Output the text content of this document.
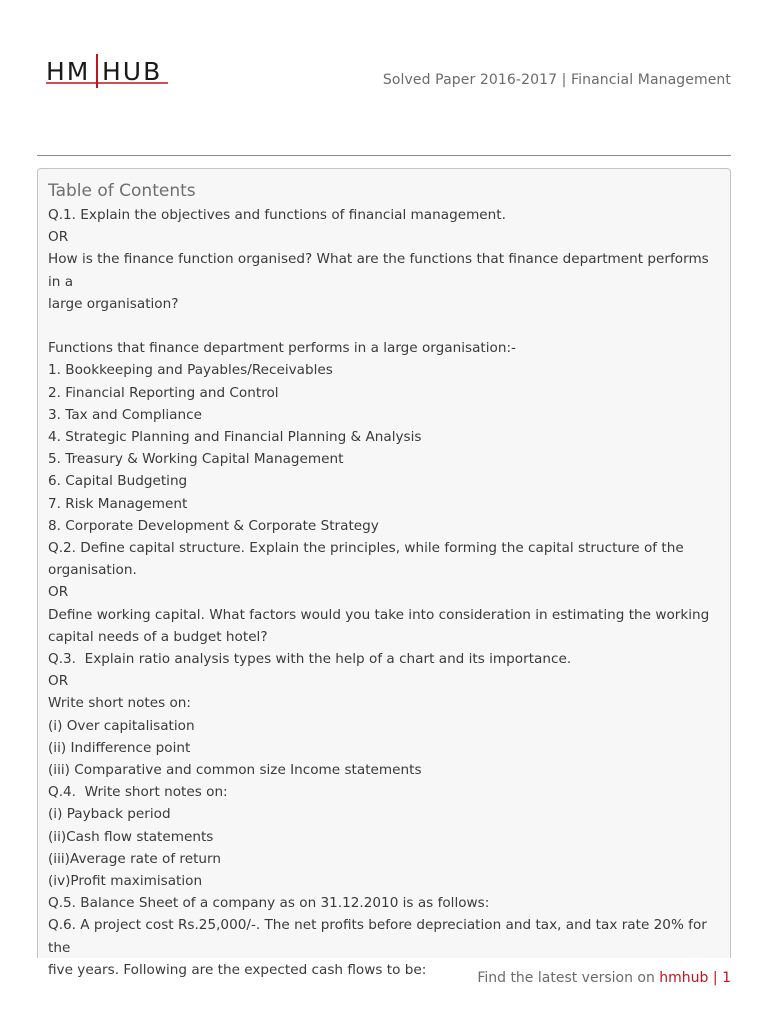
HM HUB	Solved Paper 2016-2017 | Financial Management
Table of Contents
Q.1. Explain the objectives and functions of financial management.
OR
How is the finance function organised? What are the functions that finance department performs in a
large organisation?
Functions that finance department performs in a large organisation:-
1. Bookkeeping and Payables/Receivables
2. Financial Reporting and Control
3. Tax and Compliance
4. Strategic Planning and Financial Planning & Analysis
5. Treasury & Working Capital Management
6. Capital Budgeting
7. Risk Management
8. Corporate Development & Corporate Strategy
Q.2. Define capital structure. Explain the principles, while forming the capital structure of the
organisation.
OR
Define working capital. What factors would you take into consideration in estimating the working
capital needs of a budget hotel?
Q.3.  Explain ratio analysis types with the help of a chart and its importance.
OR
Write short notes on:
(i) Over capitalisation
(ii) Indifference point
(iii) Comparative and common size Income statements
Q.4.  Write short notes on:
(i) Payback period
(ii)Cash flow statements
(iii)Average rate of return
(iv)Profit maximisation
Q.5. Balance Sheet of a company as on 31.12.2010 is as follows:
Q.6. A project cost Rs.25,000/-. The net profits before depreciation and tax, and tax rate 20% for the
five years. Following are the expected cash flows to be:
Find the latest version on hmhub | 1
